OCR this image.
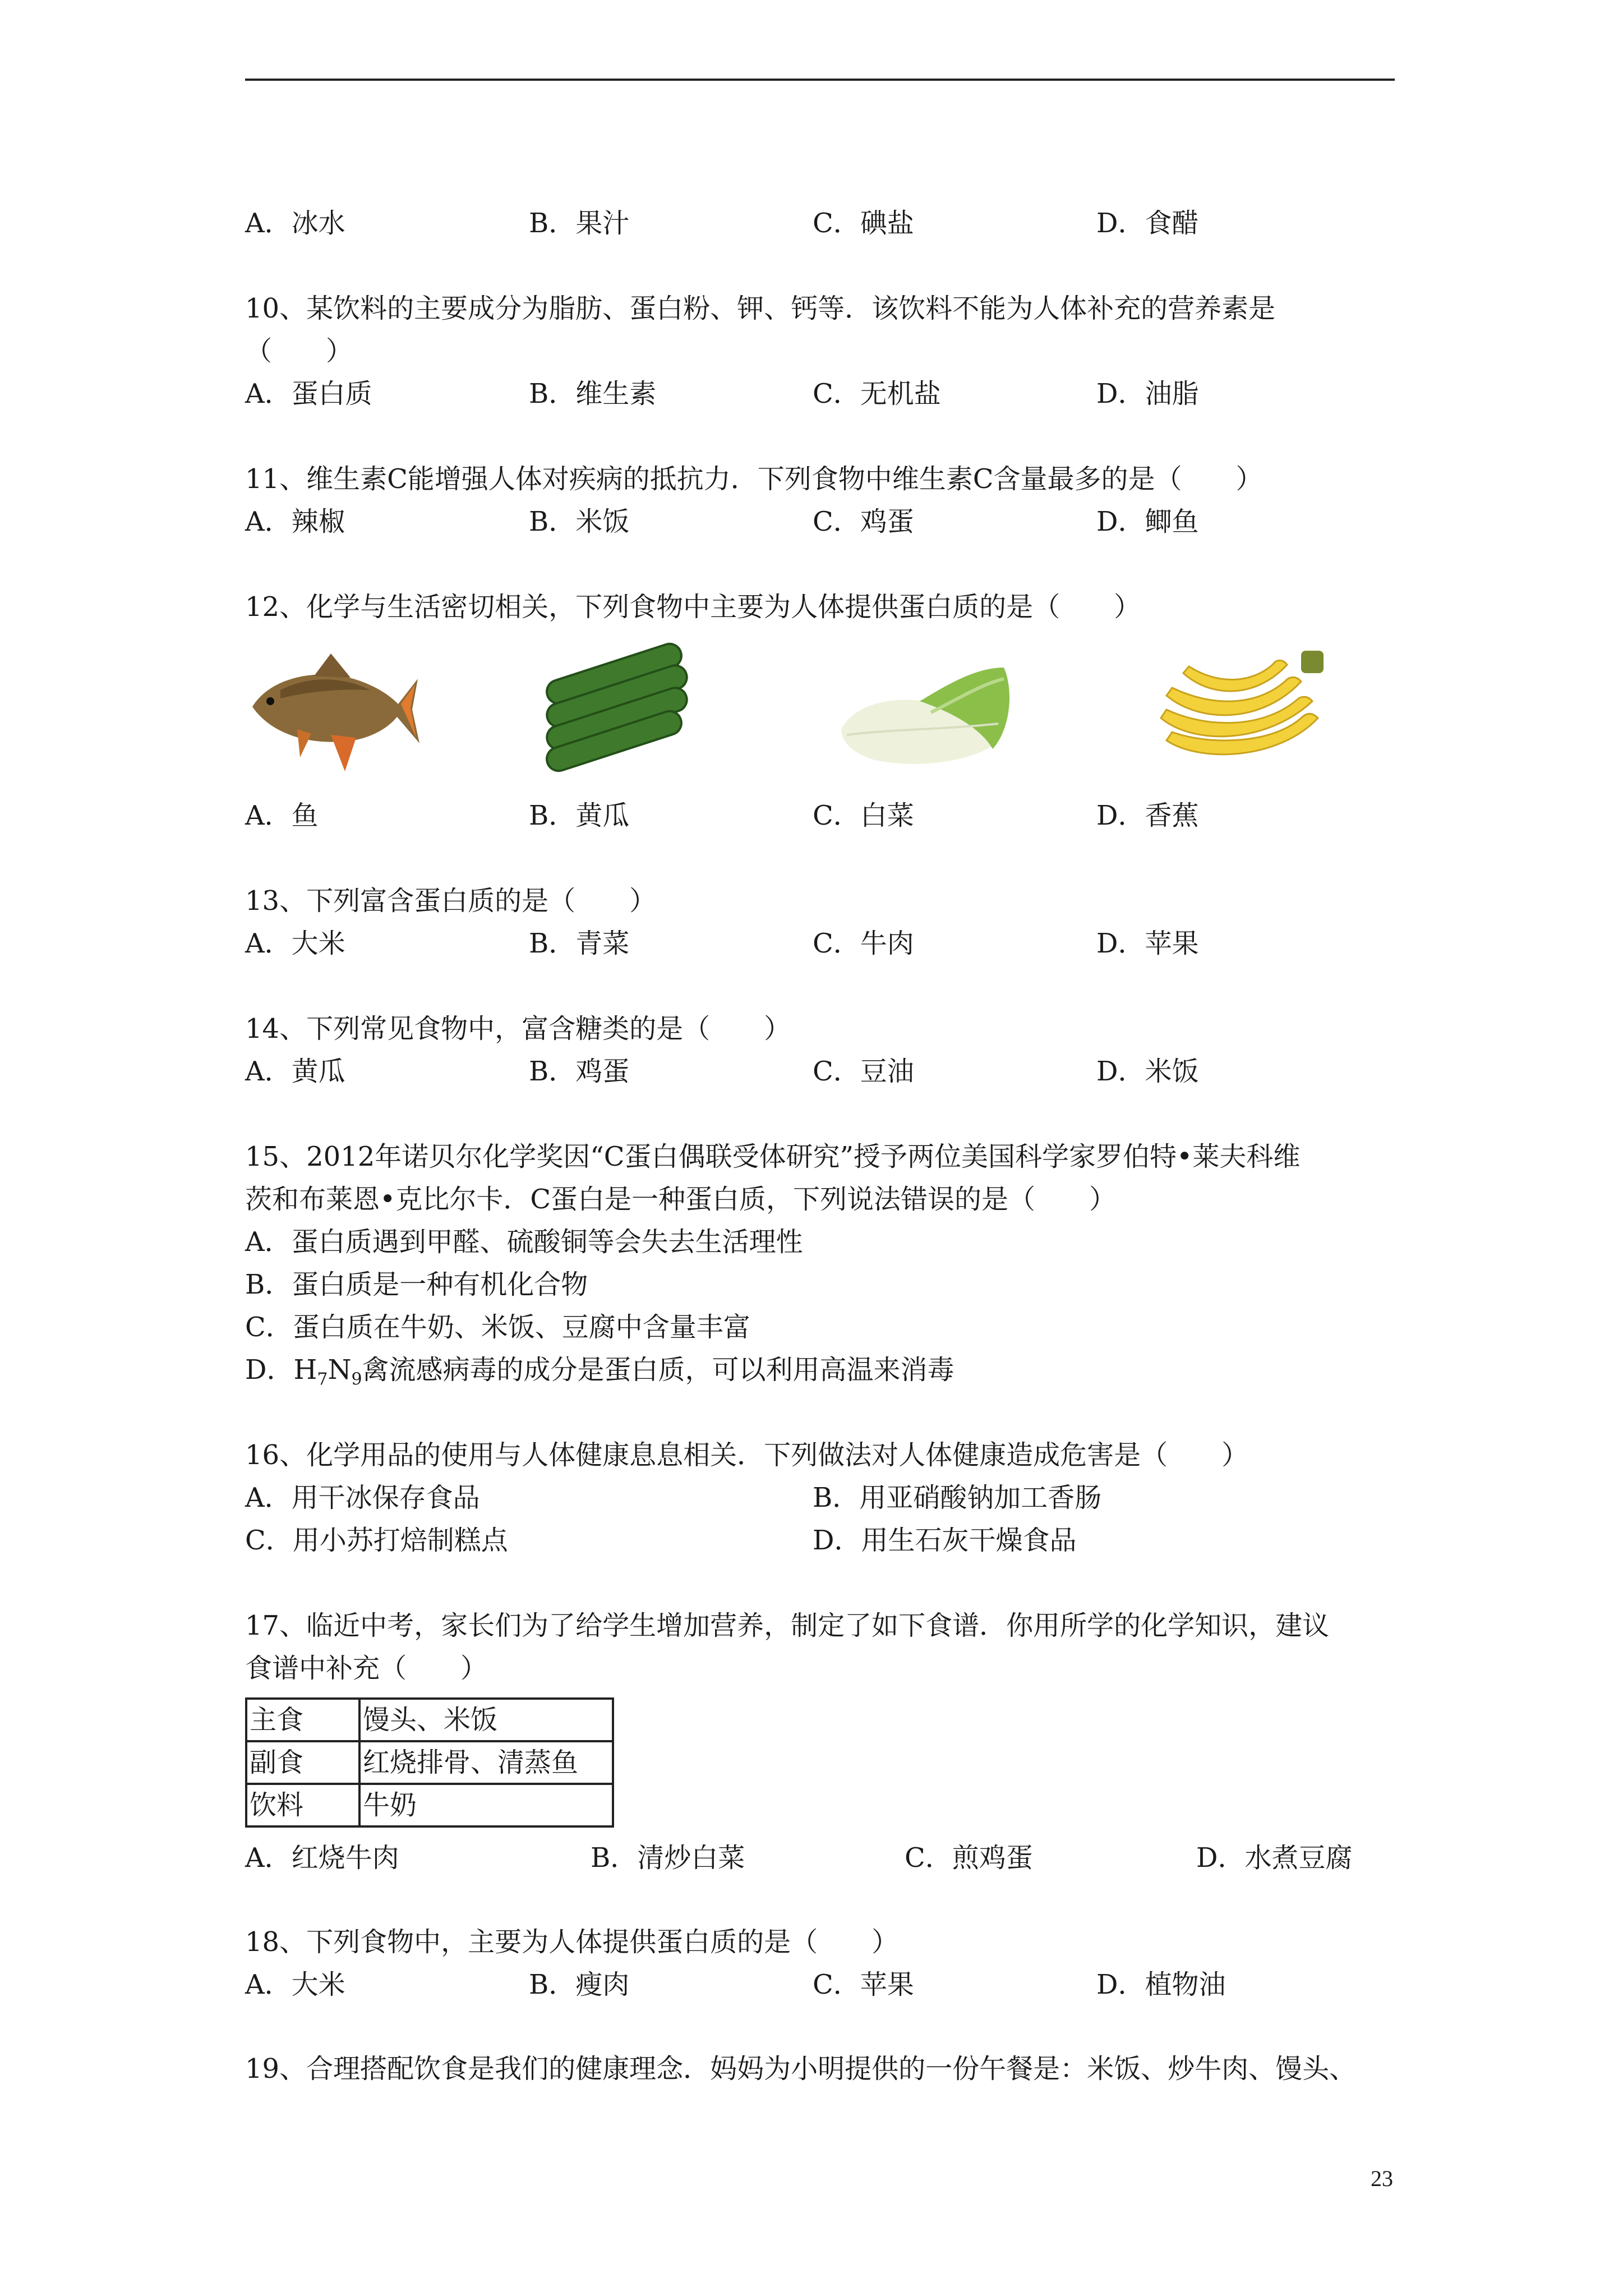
A．冰水	B．果汁	C．碘盐	D．食醋
10、某饮料的主要成分为脂肪、蛋白粉、钾、钙等．该饮料不能为人体补充的营养素是
（　　）
A．蛋白质	B．维生素	C．无机盐	D．油脂
11、维生素C能增强人体对疾病的抵抗力．下列食物中维生素C含量最多的是（　　）
A．辣椒	B．米饭	C．鸡蛋	D．鲫鱼
12、化学与生活密切相关，下列食物中主要为人体提供蛋白质的是（　　）
A．鱼	B．黄瓜	C．白菜	D．香蕉
13、下列富含蛋白质的是（　　）
A．大米	B．青菜	C．牛肉	D．苹果
14、下列常见食物中，富含糖类的是（　　）
A．黄瓜	B．鸡蛋	C．豆油	D．米饭
15、2012年诺贝尔化学奖因“C蛋白偶联受体研究”授予两位美国科学家罗伯特•莱夫科维
茨和布莱恩•克比尔卡．C蛋白是一种蛋白质，下列说法错误的是（　　）
A．蛋白质遇到甲醛、硫酸铜等会失去生活理性
B．蛋白质是一种有机化合物
C．蛋白质在牛奶、米饭、豆腐中含量丰富
D．$H_7N_9$禽流感病毒的成分是蛋白质，可以利用高温来消毒
16、化学用品的使用与人体健康息息相关．下列做法对人体健康造成危害是（　　）
A．用干冰保存食品	B．用亚硝酸钠加工香肠
C．用小苏打焙制糕点	D．用生石灰干燥食品
17、临近中考，家长们为了给学生增加营养，制定了如下食谱．你用所学的化学知识，建议
食谱中补充（　　）
主食	馒头、米饭
副食	红烧排骨、清蒸鱼
饮料	牛奶
A．红烧牛肉	B．清炒白菜	C．煎鸡蛋	D．水煮豆腐
18、下列食物中，主要为人体提供蛋白质的是（　　）
A．大米	B．瘦肉	C．苹果	D．植物油
19、合理搭配饮食是我们的健康理念．妈妈为小明提供的一份午餐是：米饭、炒牛肉、馒头、
23
